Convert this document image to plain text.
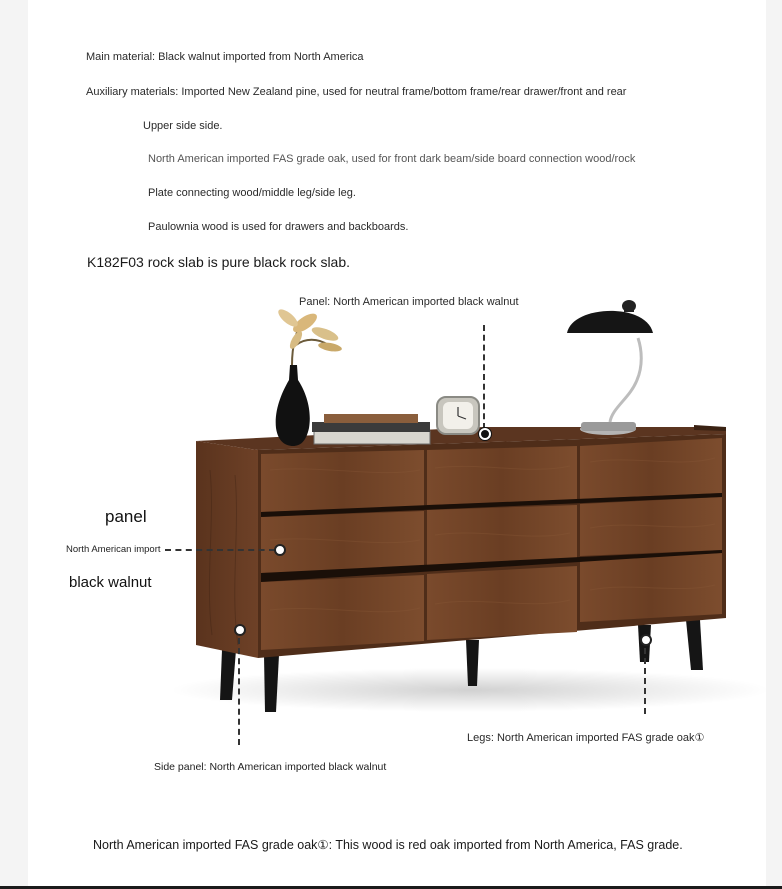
Main material: Black walnut imported from North America
Auxiliary materials: Imported New Zealand pine, used for neutral frame/bottom frame/rear drawer/front and rear
Upper side side.
North American imported FAS grade oak, used for front dark beam/side board connection wood/rock
Plate connecting wood/middle leg/side leg.
Paulownia wood is used for drawers and backboards.
K182F03 rock slab is pure black rock slab.
Panel: North American imported black walnut
panel
North American import
black walnut
Side panel: North American imported black walnut
Legs: North American imported FAS grade oak①
North American imported FAS grade oak①: This wood is red oak imported from North America, FAS grade.
